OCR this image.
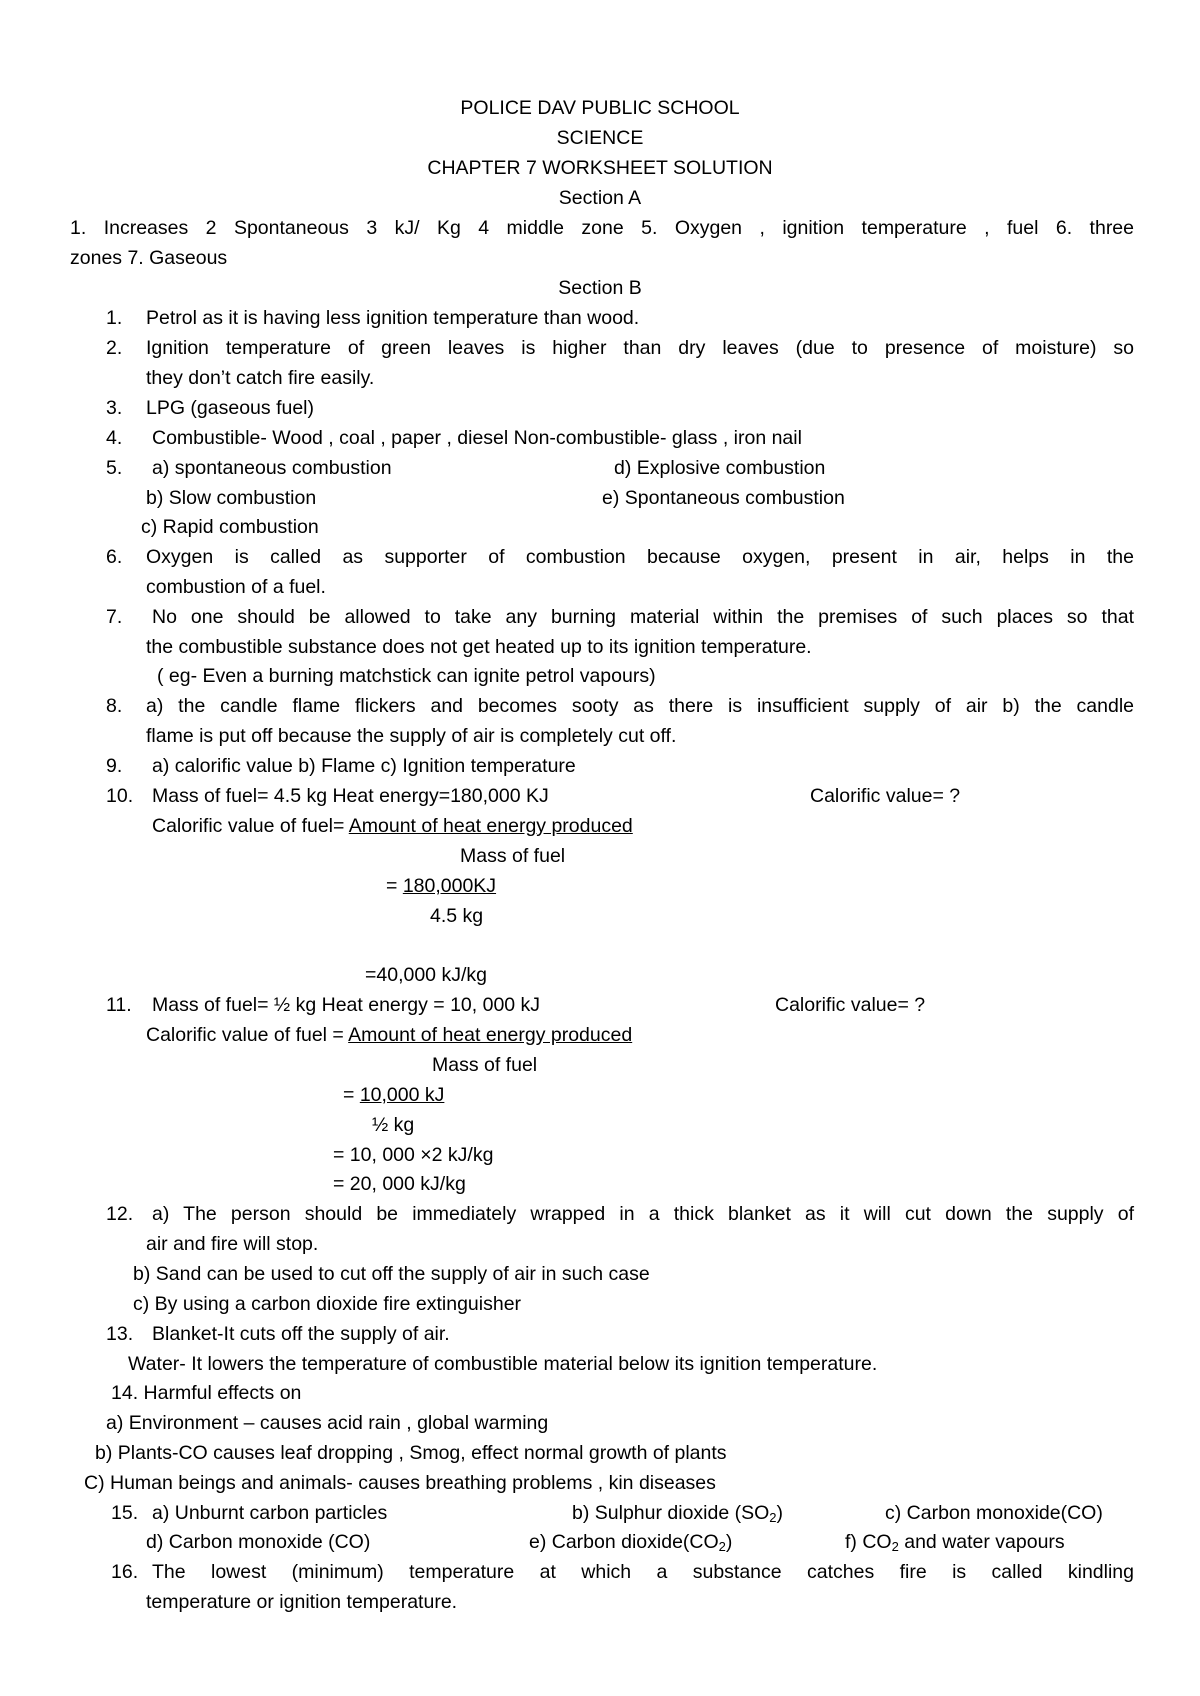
POLICE DAV PUBLIC SCHOOL
SCIENCE
CHAPTER 7 WORKSHEET SOLUTION
Section A
1. Increases 2 Spontaneous 3 kJ/ Kg 4 middle zone 5. Oxygen , ignition temperature , fuel 6. three
zones 7. Gaseous
Section B
1. Petrol as it is having less ignition temperature than wood.
2. Ignition temperature of green leaves is higher than dry leaves (due to presence of moisture) so
they don’t catch fire easily.
3. LPG (gaseous fuel)
4. Combustible- Wood , coal , paper , diesel Non-combustible- glass , iron nail
5. a) spontaneous combustion	d) Explosive combustion
b) Slow combustion	e) Spontaneous combustion
c) Rapid combustion
6. Oxygen is called as supporter of combustion because oxygen, present in air, helps in the
combustion of a fuel.
7. No one should be allowed to take any burning material within the premises of such places so that
the combustible substance does not get heated up to its ignition temperature.
( eg- Even a burning matchstick can ignite petrol vapours)
8. a) the candle flame flickers and becomes sooty as there is insufficient supply of air b) the candle
flame is put off because the supply of air is completely cut off.
9. a) calorific value b) Flame c) Ignition temperature
10. Mass of fuel= 4.5 kg Heat energy=180,000 KJ	Calorific value= ?
Calorific value of fuel= Amount of heat energy produced
Mass of fuel
= 180,000KJ
4.5 kg
=40,000 kJ/kg
11. Mass of fuel= ½ kg Heat energy = 10, 000 kJ	Calorific value= ?
Calorific value of fuel = Amount of heat energy produced
Mass of fuel
= 10,000 kJ
½ kg
= 10, 000 ×2 kJ/kg
= 20, 000 kJ/kg
12. a) The person should be immediately wrapped in a thick blanket as it will cut down the supply of
air and fire will stop.
b) Sand can be used to cut off the supply of air in such case
c) By using a carbon dioxide fire extinguisher
13. Blanket-It cuts off the supply of air.
Water- It lowers the temperature of combustible material below its ignition temperature.
14. Harmful effects on
a) Environment – causes acid rain , global warming
b) Plants-CO causes leaf dropping , Smog, effect normal growth of plants
C) Human beings and animals- causes breathing problems , kin diseases
15. a) Unburnt carbon particles	b) Sulphur dioxide $(SO_2)$	c) Carbon monoxide(CO)
d) Carbon monoxide (CO)	e) Carbon $dioxide(CO_2)$	f) $CO_2$ and water vapours
16. The lowest (minimum) temperature at which a substance catches fire is called kindling
temperature or ignition temperature.
